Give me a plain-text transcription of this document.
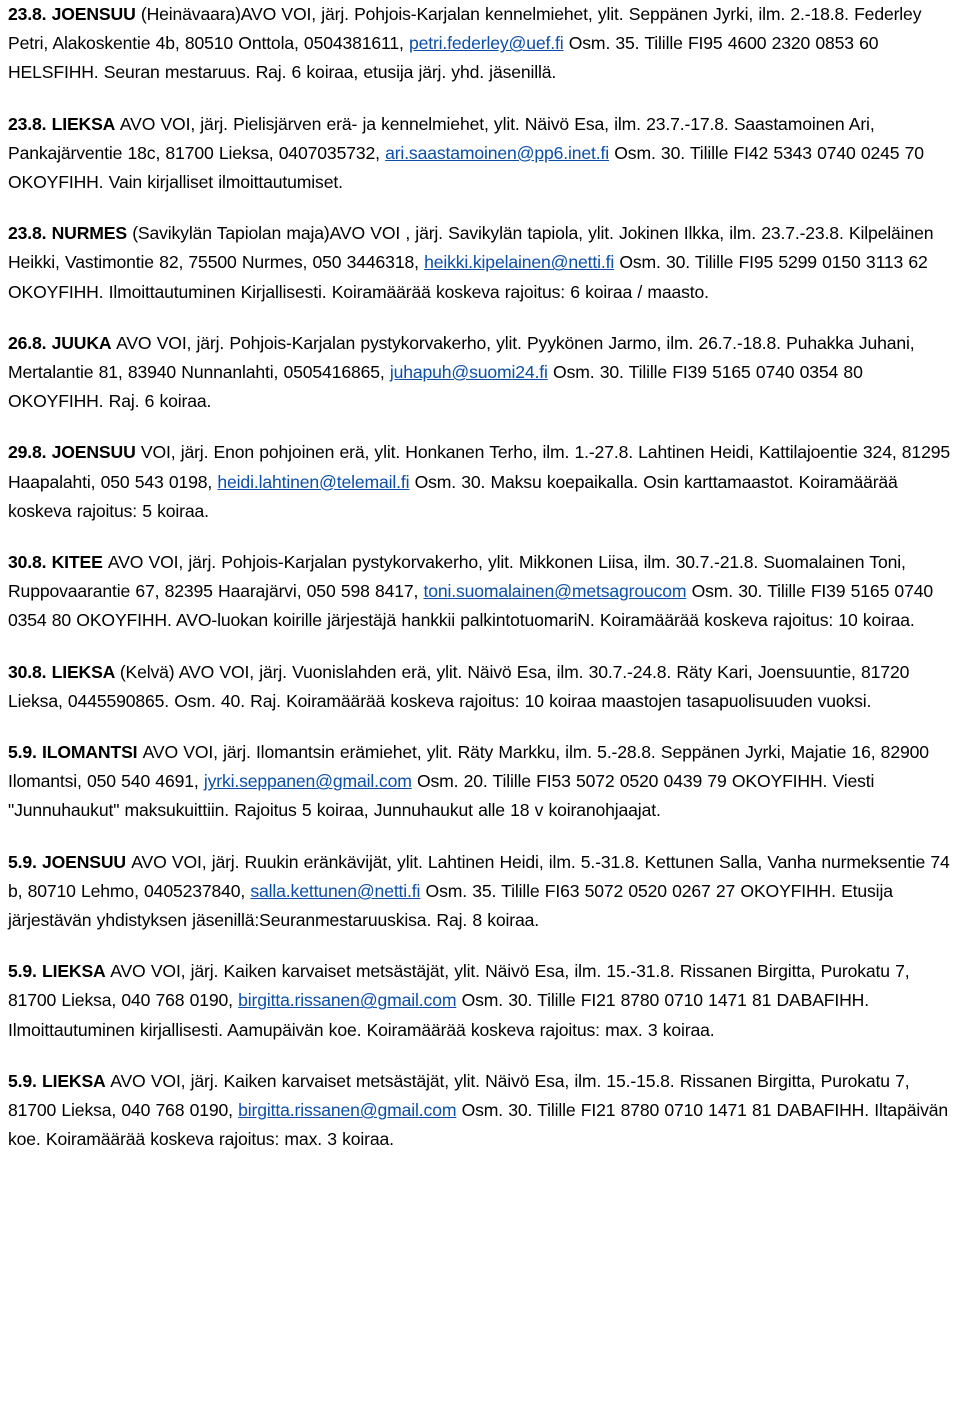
23.8. JOENSUU (Heinävaara)AVO VOI, järj. Pohjois-Karjalan kennelmiehet, ylit. Seppänen Jyrki, ilm. 2.-18.8. Federley Petri, Alakoskentie 4b, 80510 Onttola, 0504381611, petri.federley@uef.fi Osm. 35. Tilille FI95 4600 2320 0853 60 HELSFIHH. Seuran mestaruus. Raj. 6 koiraa, etusija järj. yhd. jäsenillä.
23.8. LIEKSA AVO VOI, järj. Pielisjärven erä- ja kennelmiehet, ylit. Näivö Esa, ilm. 23.7.-17.8. Saastamoinen Ari, Pankajärventie 18c, 81700 Lieksa, 0407035732, ari.saastamoinen@pp6.inet.fi Osm. 30. Tilille FI42 5343 0740 0245 70 OKOYFIHH. Vain kirjalliset ilmoittautumiset.
23.8. NURMES (Savikylän Tapiolan maja)AVO VOI , järj. Savikylän tapiola, ylit. Jokinen Ilkka, ilm. 23.7.-23.8. Kilpeläinen Heikki, Vastimontie 82, 75500 Nurmes, 050 3446318, heikki.kipelainen@netti.fi Osm. 30. Tilille FI95 5299 0150 3113 62 OKOYFIHH. Ilmoittautuminen Kirjallisesti. Koiramäärää koskeva rajoitus: 6 koiraa / maasto.
26.8. JUUKA AVO VOI, järj. Pohjois-Karjalan pystykorvakerho, ylit. Pyykönen Jarmo, ilm. 26.7.-18.8. Puhakka Juhani, Mertalantie 81, 83940 Nunnanlahti, 0505416865, juhapuh@suomi24.fi Osm. 30. Tilille FI39 5165 0740 0354 80 OKOYFIHH. Raj. 6 koiraa.
29.8. JOENSUU VOI, järj. Enon pohjoinen erä, ylit. Honkanen Terho, ilm. 1.-27.8. Lahtinen Heidi, Kattilajoentie 324, 81295 Haapalahti, 050 543 0198, heidi.lahtinen@telemail.fi Osm. 30. Maksu koepaikalla. Osin karttamaastot. Koiramäärää koskeva rajoitus: 5 koiraa.
30.8. KITEE AVO VOI, järj. Pohjois-Karjalan pystykorvakerho, ylit. Mikkonen Liisa, ilm. 30.7.-21.8. Suomalainen Toni, Ruppovaarantie 67, 82395 Haarajärvi, 050 598 8417, toni.suomalainen@metsagroucom Osm. 30. Tilille FI39 5165 0740 0354 80 OKOYFIHH. AVO-luokan koirille järjestäjä hankkii palkintotuomariN. Koiramäärää koskeva rajoitus: 10 koiraa.
30.8. LIEKSA (Kelvä) AVO VOI, järj. Vuonislahden erä, ylit. Näivö Esa, ilm. 30.7.-24.8. Räty Kari, Joensuuntie, 81720 Lieksa, 0445590865. Osm. 40. Raj. Koiramäärää koskeva rajoitus: 10 koiraa maastojen tasapuolisuuden vuoksi.
5.9. ILOMANTSI AVO VOI, järj. Ilomantsin erämiehet, ylit. Räty Markku, ilm. 5.-28.8. Seppänen Jyrki, Majatie 16, 82900 Ilomantsi, 050 540 4691, jyrki.seppanen@gmail.com Osm. 20. Tilille FI53 5072 0520 0439 79 OKOYFIHH. Viesti "Junnuhaukut" maksukuittiin. Rajoitus 5 koiraa, Junnuhaukut alle 18 v koiranohjaajat.
5.9. JOENSUU AVO VOI, järj. Ruukin eränkävijät, ylit. Lahtinen Heidi, ilm. 5.-31.8. Kettunen Salla, Vanha nurmeksentie 74 b, 80710 Lehmo, 0405237840, salla.kettunen@netti.fi Osm. 35. Tilille FI63 5072 0520 0267 27 OKOYFIHH. Etusija järjestävän yhdistyksen jäsenillä:Seuranmestaruuskisa. Raj. 8 koiraa.
5.9. LIEKSA AVO VOI, järj. Kaiken karvaiset metsästäjät, ylit. Näivö Esa, ilm. 15.-31.8. Rissanen Birgitta, Purokatu 7, 81700 Lieksa, 040 768 0190, birgitta.rissanen@gmail.com Osm. 30. Tilille FI21 8780 0710 1471 81 DABAFIHH. Ilmoittautuminen kirjallisesti. Aamupäivän koe. Koiramäärää koskeva rajoitus: max. 3 koiraa.
5.9. LIEKSA AVO VOI, järj. Kaiken karvaiset metsästäjät, ylit. Näivö Esa, ilm. 15.-15.8. Rissanen Birgitta, Purokatu 7, 81700 Lieksa, 040 768 0190, birgitta.rissanen@gmail.com Osm. 30. Tilille FI21 8780 0710 1471 81 DABAFIHH. Iltapäivän koe. Koiramäärää koskeva rajoitus: max. 3 koiraa.
